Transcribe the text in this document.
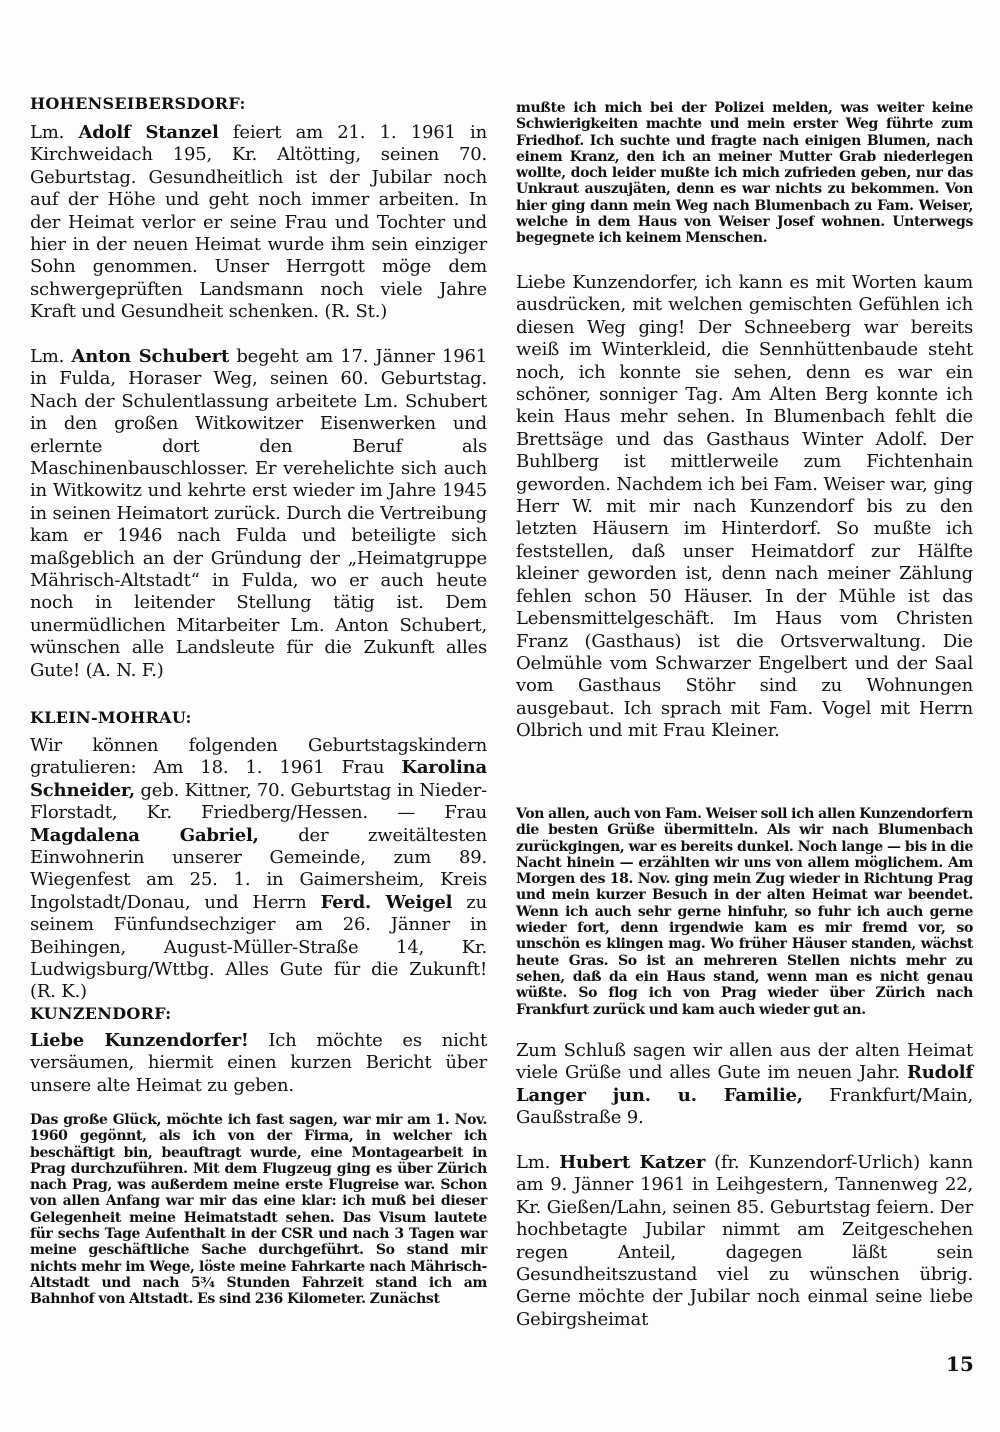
HOHENSEIBERSDORF:
Lm. Adolf Stanzel feiert am 21. 1. 1961 in Kirchweidach 195, Kr. Altötting, seinen 70. Geburtstag. Gesundheitlich ist der Jubilar noch auf der Höhe und geht noch immer arbeiten. In der Heimat verlor er seine Frau und Tochter und hier in der neuen Heimat wurde ihm sein einziger Sohn genommen. Unser Herrgott möge dem schwergeprüften Landsmann noch viele Jahre Kraft und Gesundheit schenken. (R. St.)
Lm. Anton Schubert begeht am 17. Jänner 1961 in Fulda, Horaser Weg, seinen 60. Geburtstag. Nach der Schulentlassung arbeitete Lm. Schubert in den großen Witkowitzer Eisenwerken und erlernte dort den Beruf als Maschinenbauschlosser. Er verehelichte sich auch in Witkowitz und kehrte erst wieder im Jahre 1945 in seinen Heimatort zurück. Durch die Vertreibung kam er 1946 nach Fulda und beteiligte sich maßgeblich an der Gründung der „Heimatgruppe Mährisch-Altstadt“ in Fulda, wo er auch heute noch in leitender Stellung tätig ist. Dem unermüdlichen Mitarbeiter Lm. Anton Schubert, wünschen alle Landsleute für die Zukunft alles Gute! (A. N. F.)
KLEIN-MOHRAU:
Wir können folgenden Geburtstagskindern gratulieren: Am 18. 1. 1961 Frau Karolina Schneider, geb. Kittner, 70. Geburtstag in Nieder-Florstadt, Kr. Friedberg/Hessen. — Frau Magdalena Gabriel, der zweitältesten Einwohnerin unserer Gemeinde, zum 89. Wiegenfest am 25. 1. in Gaimersheim, Kreis Ingolstadt/Donau, und Herrn Ferd. Weigel zu seinem Fünfundsechziger am 26. Jänner in Beihingen, August-Müller-Straße 14, Kr. Ludwigsburg/Wttbg. Alles Gute für die Zukunft! (R. K.)
KUNZENDORF:
Liebe Kunzendorfer! Ich möchte es nicht versäumen, hiermit einen kurzen Bericht über unsere alte Heimat zu geben.
Das große Glück, möchte ich fast sagen, war mir am 1. Nov. 1960 gegönnt, als ich von der Firma, in welcher ich beschäftigt bin, beauftragt wurde, eine Montagearbeit in Prag durchzuführen. Mit dem Flugzeug ging es über Zürich nach Prag, was außerdem meine erste Flugreise war. Schon von allen Anfang war mir das eine klar: ich muß bei dieser Gelegenheit meine Heimatstadt sehen. Das Visum lautete für sechs Tage Aufenthalt in der CSR und nach 3 Tagen war meine geschäftliche Sache durchgeführt. So stand mir nichts mehr im Wege, löste meine Fahrkarte nach Mährisch-Altstadt und nach 5¾ Stunden Fahrzeit stand ich am Bahnhof von Altstadt. Es sind 236 Kilometer. Zunächst
mußte ich mich bei der Polizei melden, was weiter keine Schwierigkeiten machte und mein erster Weg führte zum Friedhof. Ich suchte und fragte nach einigen Blumen, nach einem Kranz, den ich an meiner Mutter Grab niederlegen wollte, doch leider mußte ich mich zufrieden geben, nur das Unkraut auszujäten, denn es war nichts zu bekommen. Von hier ging dann mein Weg nach Blumenbach zu Fam. Weiser, welche in dem Haus von Weiser Josef wohnen. Unterwegs begegnete ich keinem Menschen.
Liebe Kunzendorfer, ich kann es mit Worten kaum ausdrücken, mit welchen gemischten Gefühlen ich diesen Weg ging! Der Schneeberg war bereits weiß im Winterkleid, die Sennhüttenbaude steht noch, ich konnte sie sehen, denn es war ein schöner, sonniger Tag. Am Alten Berg konnte ich kein Haus mehr sehen. In Blumenbach fehlt die Brettsäge und das Gasthaus Winter Adolf. Der Buhlberg ist mittlerweile zum Fichtenhain geworden. Nachdem ich bei Fam. Weiser war, ging Herr W. mit mir nach Kunzendorf bis zu den letzten Häusern im Hinterdorf. So mußte ich feststellen, daß unser Heimatdorf zur Hälfte kleiner geworden ist, denn nach meiner Zählung fehlen schon 50 Häuser. In der Mühle ist das Lebensmittelgeschäft. Im Haus vom Christen Franz (Gasthaus) ist die Ortsverwaltung. Die Oelmühle vom Schwarzer Engelbert und der Saal vom Gasthaus Stöhr sind zu Wohnungen ausgebaut. Ich sprach mit Fam. Vogel mit Herrn Olbrich und mit Frau Kleiner.
Von allen, auch von Fam. Weiser soll ich allen Kunzendorfern die besten Grüße übermitteln. Als wir nach Blumenbach zurückgingen, war es bereits dunkel. Noch lange — bis in die Nacht hinein — erzählten wir uns von allem möglichem. Am Morgen des 18. Nov. ging mein Zug wieder in Richtung Prag und mein kurzer Besuch in der alten Heimat war beendet. Wenn ich auch sehr gerne hinfuhr, so fuhr ich auch gerne wieder fort, denn irgendwie kam es mir fremd vor, so unschön es klingen mag. Wo früher Häuser standen, wächst heute Gras. So ist an mehreren Stellen nichts mehr zu sehen, daß da ein Haus stand, wenn man es nicht genau wüßte. So flog ich von Prag wieder über Zürich nach Frankfurt zurück und kam auch wieder gut an.
Zum Schluß sagen wir allen aus der alten Heimat viele Grüße und alles Gute im neuen Jahr. Rudolf Langer jun. u. Familie, Frankfurt/Main, Gaußstraße 9.
Lm. Hubert Katzer (fr. Kunzendorf-Urlich) kann am 9. Jänner 1961 in Leihgestern, Tannenweg 22, Kr. Gießen/Lahn, seinen 85. Geburtstag feiern. Der hochbetagte Jubilar nimmt am Zeitgeschehen regen Anteil, dagegen läßt sein Gesundheitszustand viel zu wünschen übrig. Gerne möchte der Jubilar noch einmal seine liebe Gebirgsheimat
15
